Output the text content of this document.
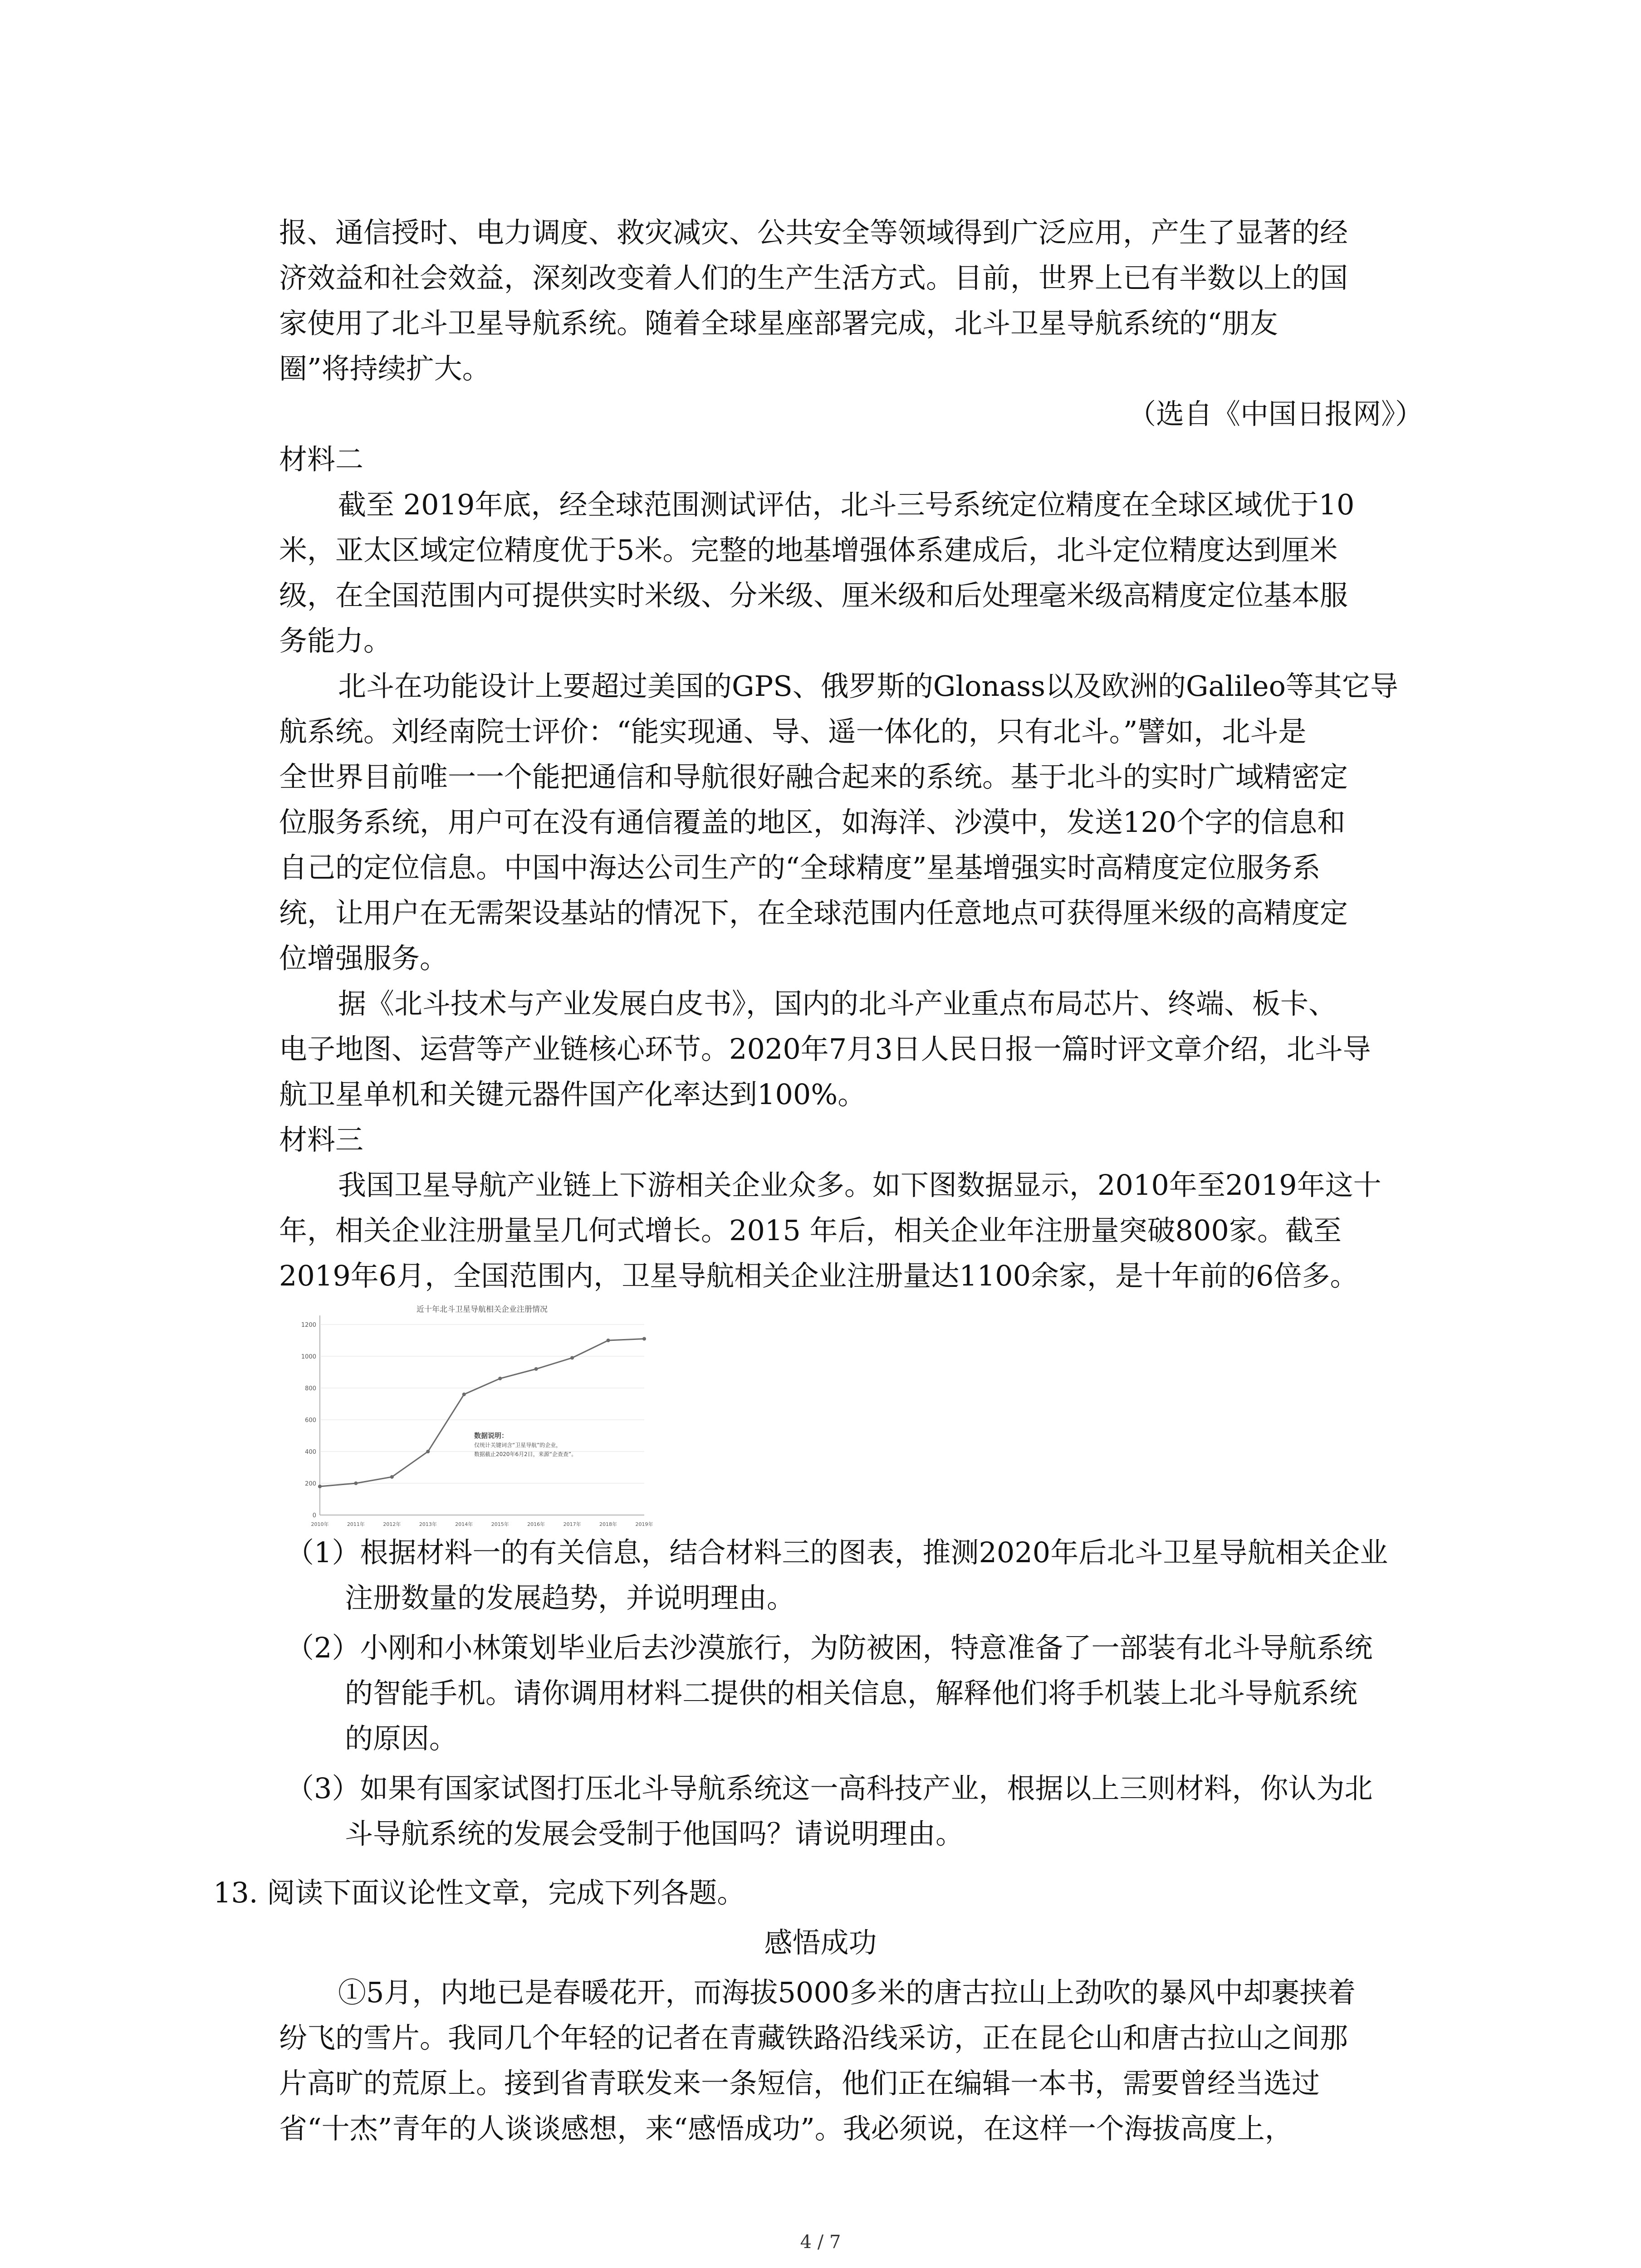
报、通信授时、电力调度、救灾减灾、公共安全等领域得到广泛应用，产生了显著的经
济效益和社会效益，深刻改变着人们的生产生活方式。目前，世界上已有半数以上的国
家使用了北斗卫星导航系统。随着全球星座部署完成，北斗卫星导航系统的“朋友
圈”将持续扩大。
（选自《中国日报网》）
材料二
截至 2019年底，经全球范围测试评估，北斗三号系统定位精度在全球区域优于10
米，亚太区域定位精度优于5米。完整的地基增强体系建成后，北斗定位精度达到厘米
级，在全国范围内可提供实时米级、分米级、厘米级和后处理毫米级高精度定位基本服
务能力。
北斗在功能设计上要超过美国的GPS、俄罗斯的Glonass以及欧洲的Galileo等其它导
航系统。刘经南院士评价：“能实现通、导、遥一体化的，只有北斗。”譬如，北斗是
全世界目前唯一一个能把通信和导航很好融合起来的系统。基于北斗的实时广域精密定
位服务系统，用户可在没有通信覆盖的地区，如海洋、沙漠中，发送120个字的信息和
自己的定位信息。中国中海达公司生产的“全球精度”星基增强实时高精度定位服务系
统，让用户在无需架设基站的情况下，在全球范围内任意地点可获得厘米级的高精度定
位增强服务。
据《北斗技术与产业发展白皮书》，国内的北斗产业重点布局芯片、终端、板卡、
电子地图、运营等产业链核心环节。2020年7月3日人民日报一篇时评文章介绍，北斗导
航卫星单机和关键元器件国产化率达到100%。
材料三
我国卫星导航产业链上下游相关企业众多。如下图数据显示，2010年至2019年这十
年，相关企业注册量呈几何式增长。2015 年后，相关企业年注册量突破800家。截至
2019年6月，全国范围内，卫星导航相关企业注册量达1100余家，是十年前的6倍多。
近十年北斗卫星导航相关企业注册情况
0
200
400
600
800
1000
1200
2010年	2011年	2012年	2013年	2014年	2015年	2016年	2017年	2018年	2019年
数据说明：
仅统计关键词含“卫星导航”的企业，
数据截止2020年6月2日，来源“企查查”。
（1）根据材料一的有关信息，结合材料三的图表，推测2020年后北斗卫星导航相关企业
注册数量的发展趋势，并说明理由。
（2）小刚和小林策划毕业后去沙漠旅行，为防被困，特意准备了一部装有北斗导航系统
的智能手机。请你调用材料二提供的相关信息，解释他们将手机装上北斗导航系统
的原因。
（3）如果有国家试图打压北斗导航系统这一高科技产业，根据以上三则材料，你认为北
斗导航系统的发展会受制于他国吗？请说明理由。
13. 阅读下面议论性文章，完成下列各题。
感悟成功
①5月，内地已是春暖花开，而海拔5000多米的唐古拉山上劲吹的暴风中却裹挟着
纷飞的雪片。我同几个年轻的记者在青藏铁路沿线采访，正在昆仑山和唐古拉山之间那
片高旷的荒原上。接到省青联发来一条短信，他们正在编辑一本书，需要曾经当选过
省“十杰”青年的人谈谈感想，来“感悟成功”。我必须说，在这样一个海拔高度上，
4 / 7
